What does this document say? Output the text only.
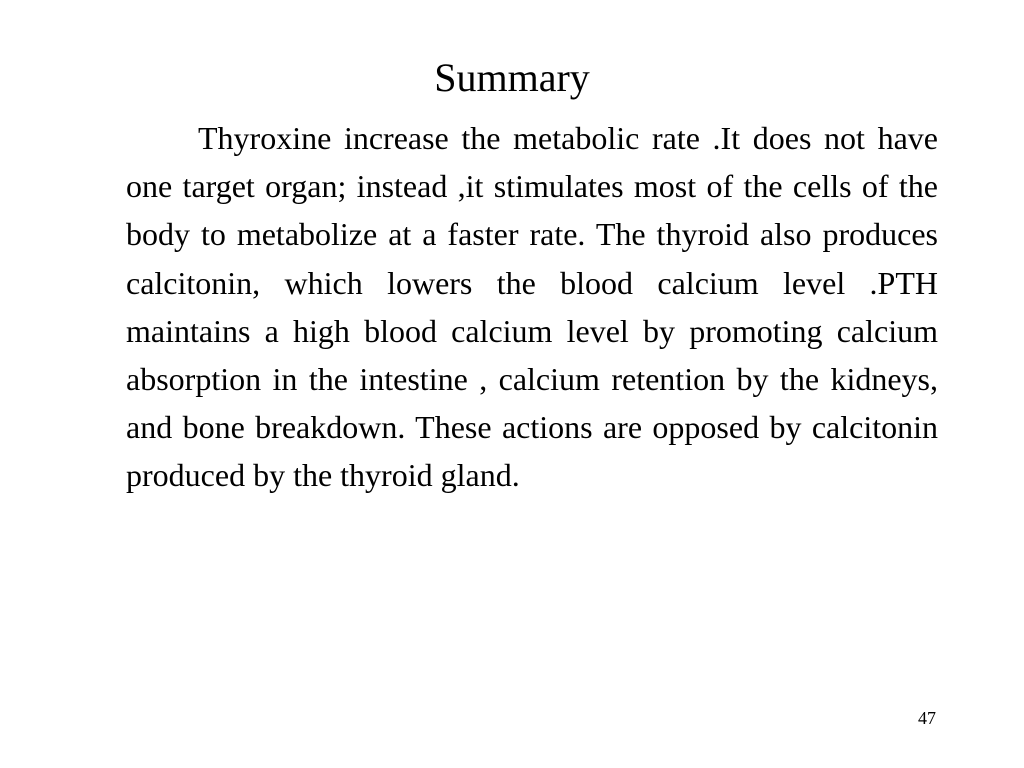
Summary

Thyroxine increase the metabolic rate .It does not have one target organ; instead ,it stimulates most of the cells of the body to metabolize at a faster rate. The thyroid also produces calcitonin, which lowers the blood calcium level .PTH maintains a high blood calcium level by promoting calcium absorption in the intestine , calcium retention by the kidneys, and bone breakdown. These actions are opposed by calcitonin produced by the thyroid gland.

47
